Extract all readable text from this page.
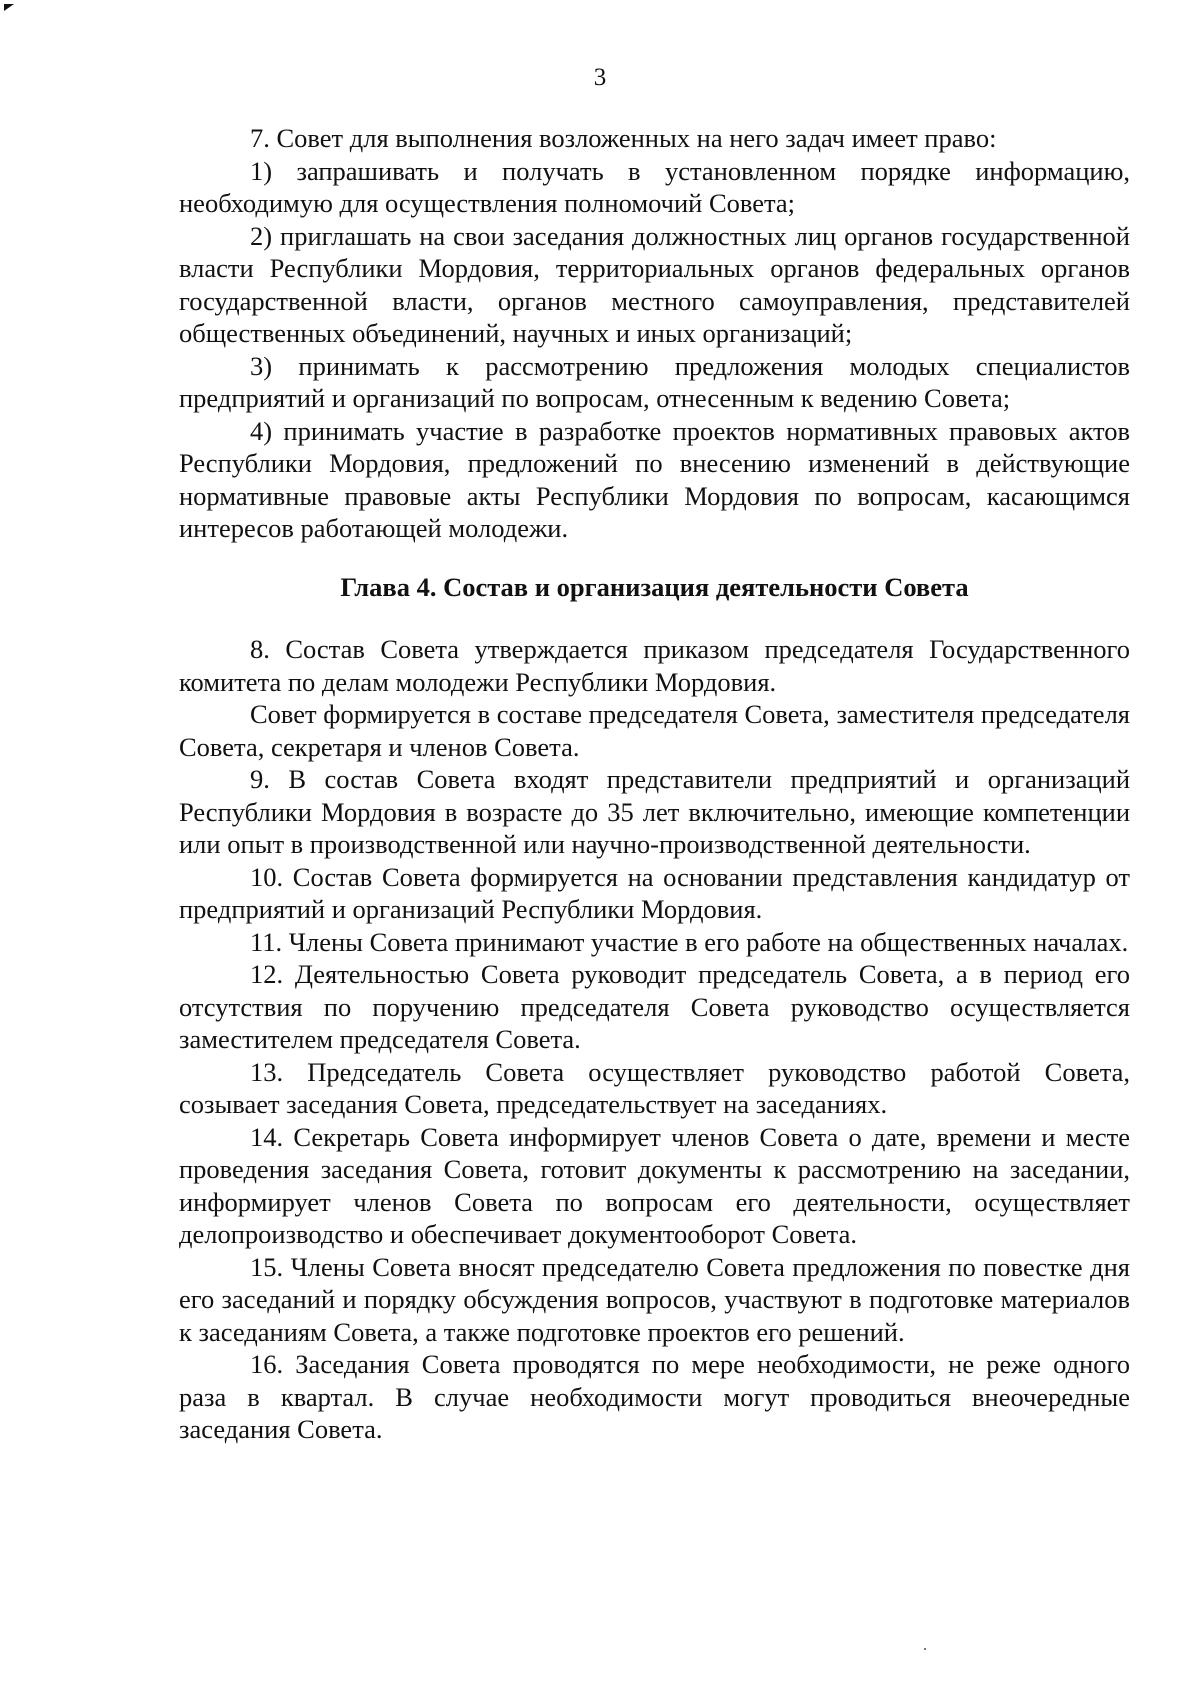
3

7. Совет для выполнения возложенных на него задач имеет право:

1) запрашивать и получать в установленном порядке информацию, необходимую для осуществления полномочий Совета;

2) приглашать на свои заседания должностных лиц органов государственной власти Республики Мордовия, территориальных органов федеральных органов государственной власти, органов местного самоуправления, представителей общественных объединений, научных и иных организаций;

3) принимать к рассмотрению предложения молодых специалистов предприятий и организаций по вопросам, отнесенным к ведению Совета;

4) принимать участие в разработке проектов нормативных правовых актов Республики Мордовия, предложений по внесению изменений в действующие нормативные правовые акты Республики Мордовия по вопросам, касающимся интересов работающей молодежи.

Глава 4. Состав и организация деятельности Совета

8. Состав Совета утверждается приказом председателя Государственного комитета по делам молодежи Республики Мордовия.

Совет формируется в составе председателя Совета, заместителя председателя Совета, секретаря и членов Совета.

9. В состав Совета входят представители предприятий и организаций Республики Мордовия в возрасте до 35 лет включительно, имеющие компетенции или опыт в производственной или научно-производственной деятельности.

10. Состав Совета формируется на основании представления кандидатур от предприятий и организаций Республики Мордовия.

11. Члены Совета принимают участие в его работе на общественных началах.

12. Деятельностью Совета руководит председатель Совета, а в период его отсутствия по поручению председателя Совета руководство осуществляется заместителем председателя Совета.

13. Председатель Совета осуществляет руководство работой Совета, созывает заседания Совета, председательствует на заседаниях.

14. Секретарь Совета информирует членов Совета о дате, времени и месте проведения заседания Совета, готовит документы к рассмотрению на заседании, информирует членов Совета по вопросам его деятельности, осуществляет делопроизводство и обеспечивает документооборот Совета.

15. Члены Совета вносят председателю Совета предложения по повестке дня его заседаний и порядку обсуждения вопросов, участвуют в подготовке материалов к заседаниям Совета, а также подготовке проектов его решений.

16. Заседания Совета проводятся по мере необходимости, не реже одного раза в квартал. В случае необходимости могут проводиться внеочередные заседания Совета.
